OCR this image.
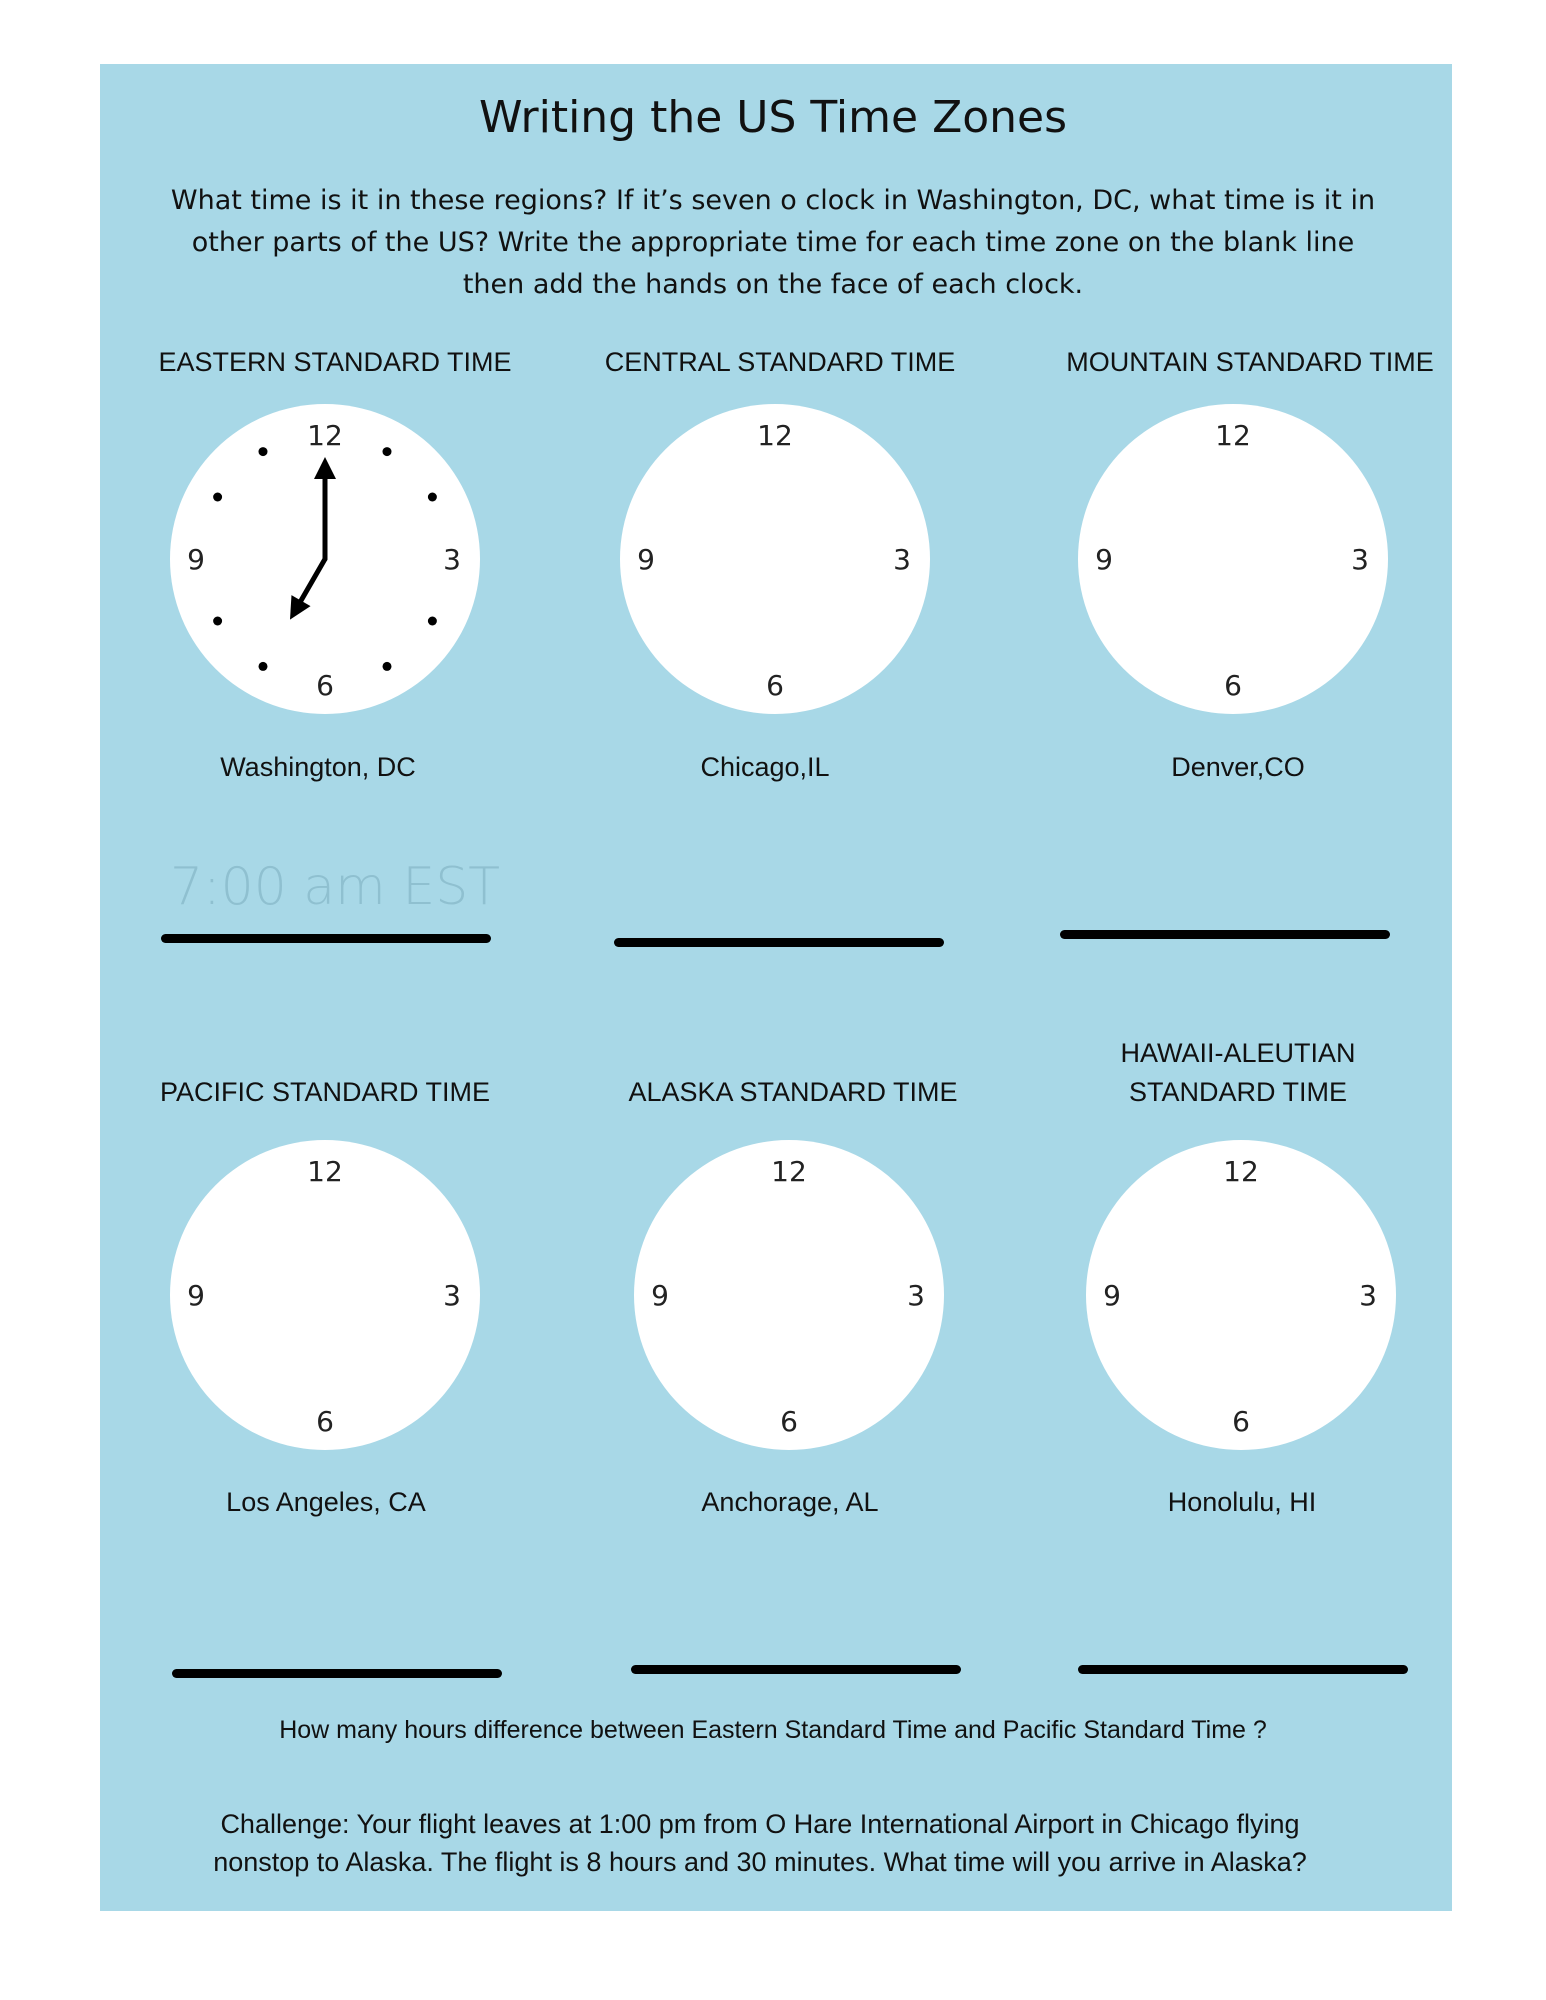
Writing the US Time Zones
What time is it in these regions? If it’s seven o clock in Washington, DC, what time is it in
other parts of the US? Write the appropriate time for each time zone on the blank line
then add the hands on the face of each clock.
EASTERN STANDARD TIME	CENTRAL STANDARD TIME	MOUNTAIN STANDARD TIME
PACIFIC STANDARD TIME	ALASKA STANDARD TIME
HAWAII-ALEUTIAN
STANDARD TIME
12
3
6
9
12
3
6
9
12
3
6
9
12
3
6
9
12
3
6
9
12
3
6
9
Washington, DC	Chicago,IL	Denver,CO
Los Angeles, CA	Anchorage, AL	Honolulu, HI
7:00 am EST
How many hours difference between Eastern Standard Time and Pacific Standard Time ?
Challenge: Your flight leaves at 1:00 pm from O Hare International Airport in Chicago flying
nonstop to Alaska. The flight is 8 hours and 30 minutes. What time will you arrive in Alaska?
